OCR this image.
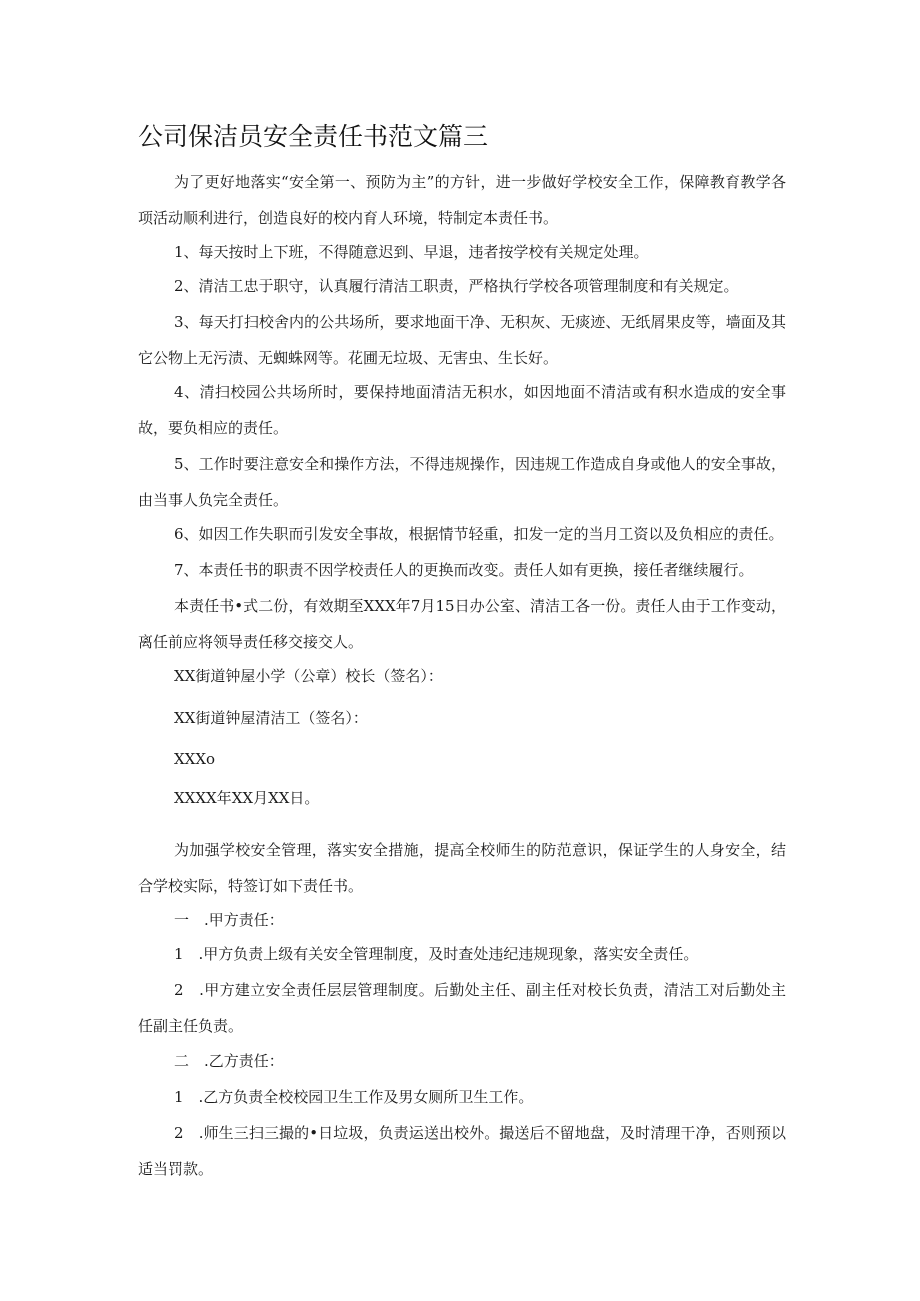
公司保洁员安全责任书范文篇三
为了更好地落实“安全第一、预防为主”的方针，进一步做好学校安全工作，保障教育教学各项活动顺利进行，创造良好的校内育人环境，特制定本责任书。
1、每天按时上下班，不得随意迟到、早退，违者按学校有关规定处理。
2、清洁工忠于职守，认真履行清洁工职责，严格执行学校各项管理制度和有关规定。
3、每天打扫校舍内的公共场所，要求地面干净、无积灰、无痰迹、无纸屑果皮等，墙面及其它公物上无污渍、无蜘蛛网等。花圃无垃圾、无害虫、生长好。
4、清扫校园公共场所时，要保持地面清洁无积水，如因地面不清洁或有积水造成的安全事故，要负相应的责任。
5、工作时要注意安全和操作方法，不得违规操作，因违规工作造成自身或他人的安全事故，由当事人负完全责任。
6、如因工作失职而引发安全事故，根据情节轻重，扣发一定的当月工资以及负相应的责任。
7、本责任书的职责不因学校责任人的更换而改变。责任人如有更换，接任者继续履行。
本责任书•式二份，有效期至XXX年7月15日办公室、清洁工各一份。责任人由于工作变动，离任前应将领导责任移交接交人。
XX街道钟屋小学（公章）校长（签名）：
XX街道钟屋清洁工（签名）：
XXXo
XXXX年XX月XX日。
为加强学校安全管理，落实安全措施，提高全校师生的防范意识，保证学生的人身安全，结合学校实际，特签订如下责任书。
一　.甲方责任：
1　.甲方负责上级有关安全管理制度，及时查处违纪违规现象，落实安全责任。
2　.甲方建立安全责任层层管理制度。后勤处主任、副主任对校长负责，清洁工对后勤处主任副主任负责。
二　.乙方责任：
1　.乙方负责全校校园卫生工作及男女厕所卫生工作。
2　.师生三扫三撮的•日垃圾，负责运送出校外。撮送后不留地盘，及时清理干净，否则预以适当罚款。
